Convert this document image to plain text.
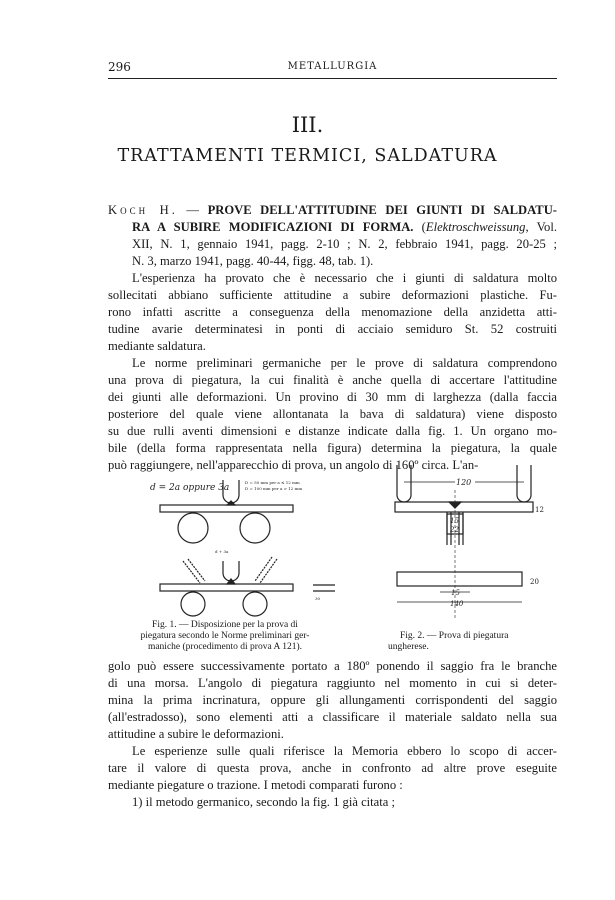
296	METALLURGIA
III.
TRATTAMENTI TERMICI, SALDATURA
Koch H. — PROVE DELL'ATTITUDINE DEI GIUNTI DI SALDATU-
RA A SUBIRE MODIFICAZIONI DI FORMA. (Elektroschweissung, Vol.
XII, N. 1, gennaio 1941, pagg. 2-10 ; N. 2, febbraio 1941, pagg. 20-25 ;
N. 3, marzo 1941, pagg. 40-44, figg. 48, tab. 1).
L'esperienza ha provato che è necessario che i giunti di saldatura molto
sollecitati abbiano sufficiente attitudine a subire deformazioni plastiche. Fu-
rono infatti ascritte a conseguenza della menomazione della anzidetta atti-
tudine avarie determinatesi in ponti di acciaio semiduro St. 52 costruiti
mediante saldatura.
Le norme preliminari germaniche per le prove di saldatura comprendono
una prova di piegatura, la cui finalità è anche quella di accertare l'attitudine
dei giunti alle deformazioni. Un provino di 30 mm di larghezza (dalla faccia
posteriore del quale viene allontanata la bava di saldatura) viene disposto
su due rulli aventi dimensioni e distanze indicate dalla fig. 1. Un organo mo-
bile (della forma rappresentata nella figura) determina la piegatura, la quale
può raggiungere, nell'apparecchio di prova, un angolo di 160º circa. L'an-
d = 2a oppure 3a
D = 50 mm per a ≤ 12 mm
D = 100 mm per a > 12 mm
d + 3a
30
Fig. 1. — Disposizione per la prova di
piegatura secondo le Norme preliminari ger-
maniche (procedimento di prova A 121).
120
12
15
22
20
15
140
Fig. 2. — Prova di piegatura
ungherese.
golo può essere successivamente portato a 180º ponendo il saggio fra le branche
di una morsa. L'angolo di piegatura raggiunto nel momento in cui si deter-
mina la prima incrinatura, oppure gli allungamenti corrispondenti del saggio
(all'estradosso), sono elementi atti a classificare il materiale saldato nella sua
attitudine a subire le deformazioni.
Le esperienze sulle quali riferisce la Memoria ebbero lo scopo di accer-
tare il valore di questa prova, anche in confronto ad altre prove eseguite
mediante piegature o trazione. I metodi comparati furono :
1) il metodo germanico, secondo la fig. 1 già citata ;
